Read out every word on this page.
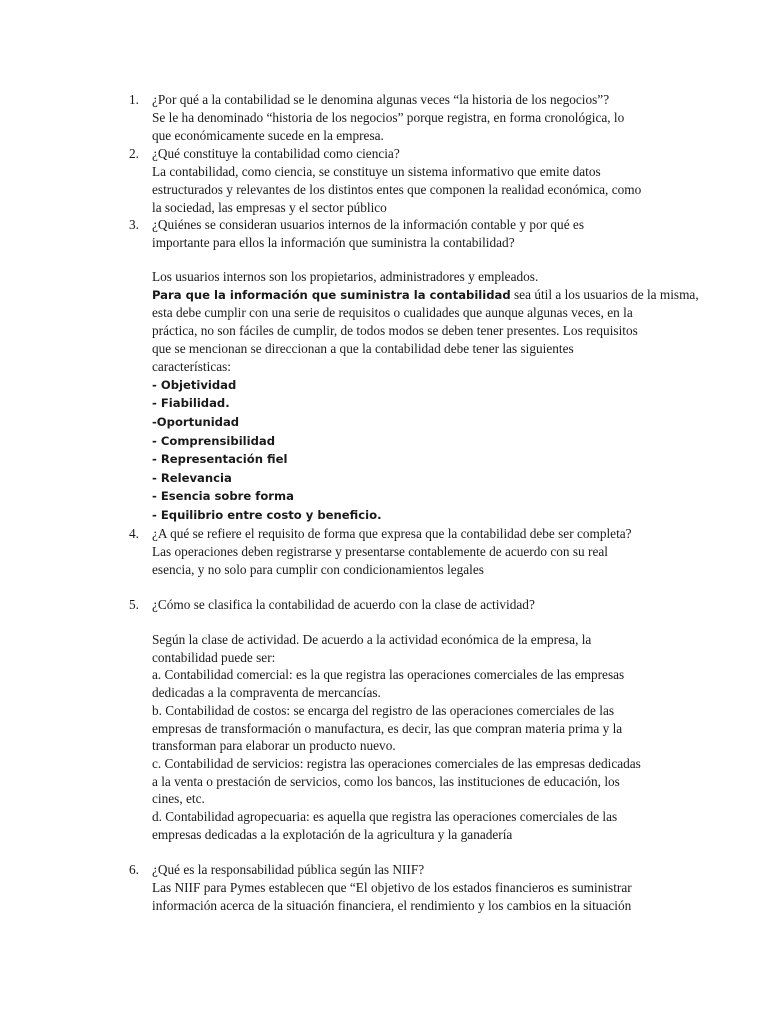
1. ¿Por qué a la contabilidad se le denomina algunas veces “la historia de los negocios”?
Se le ha denominado “historia de los negocios” porque registra, en forma cronológica, lo
que económicamente sucede en la empresa.
2. ¿Qué constituye la contabilidad como ciencia?
La contabilidad, como ciencia, se constituye un sistema informativo que emite datos
estructurados y relevantes de los distintos entes que componen la realidad económica, como
la sociedad, las empresas y el sector público
3. ¿Quiénes se consideran usuarios internos de la información contable y por qué es
importante para ellos la información que suministra la contabilidad?
Los usuarios internos son los propietarios, administradores y empleados.
Para que la información que suministra la contabilidad sea útil a los usuarios de la misma,
esta debe cumplir con una serie de requisitos o cualidades que aunque algunas veces, en la
práctica, no son fáciles de cumplir, de todos modos se deben tener presentes. Los requisitos
que se mencionan se direccionan a que la contabilidad debe tener las siguientes
características:
- Objetividad
- Fiabilidad.
-Oportunidad
- Comprensibilidad
- Representación fiel
- Relevancia
- Esencia sobre forma
- Equilibrio entre costo y beneficio.
4. ¿A qué se refiere el requisito de forma que expresa que la contabilidad debe ser completa?
Las operaciones deben registrarse y presentarse contablemente de acuerdo con su real
esencia, y no solo para cumplir con condicionamientos legales
5. ¿Cómo se clasifica la contabilidad de acuerdo con la clase de actividad?
Según la clase de actividad. De acuerdo a la actividad económica de la empresa, la
contabilidad puede ser:
a. Contabilidad comercial: es la que registra las operaciones comerciales de las empresas
dedicadas a la compraventa de mercancías.
b. Contabilidad de costos: se encarga del registro de las operaciones comerciales de las
empresas de transformación o manufactura, es decir, las que compran materia prima y la
transforman para elaborar un producto nuevo.
c. Contabilidad de servicios: registra las operaciones comerciales de las empresas dedicadas
a la venta o prestación de servicios, como los bancos, las instituciones de educación, los
cines, etc.
d. Contabilidad agropecuaria: es aquella que registra las operaciones comerciales de las
empresas dedicadas a la explotación de la agricultura y la ganadería
6. ¿Qué es la responsabilidad pública según las NIIF?
Las NIIF para Pymes establecen que “El objetivo de los estados financieros es suministrar
información acerca de la situación financiera, el rendimiento y los cambios en la situación
